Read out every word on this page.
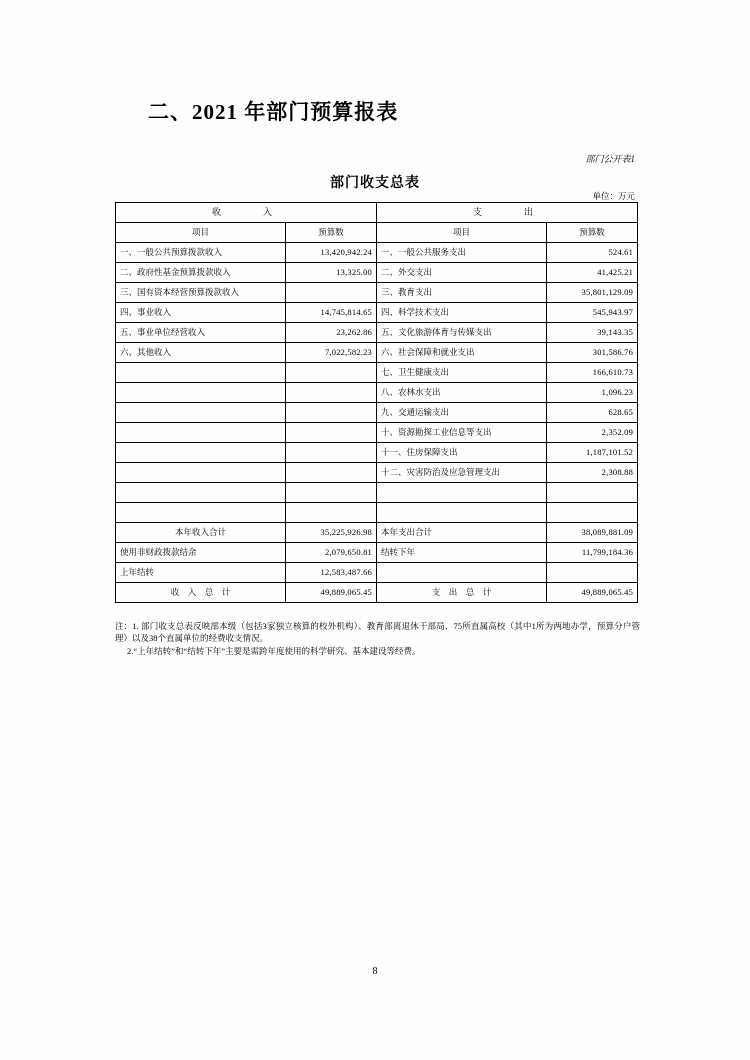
二、2021 年部门预算报表
部门公开表1
部门收支总表
单位：万元
收　　入		支　　出	
项目	预算数	项目	预算数
一、一般公共预算拨款收入	13,420,942.24	一、一般公共服务支出	524.61
二、政府性基金预算拨款收入	13,325.00	二、外交支出	41,425.21
三、国有资本经营预算拨款收入		三、教育支出	35,801,129.09
四、事业收入	14,745,814.65	四、科学技术支出	545,943.97
五、事业单位经营收入	23,262.86	五、文化旅游体育与传媒支出	39,143.35
六、其他收入	7,022,582.23	六、社会保障和就业支出	301,586.76
		七、卫生健康支出	166,610.73
		八、农林水支出	1,096.23
		九、交通运输支出	628.65
		十、资源勘探工业信息等支出	2,352.09
		十一、住房保障支出	1,187,101.52
		十二、灾害防治及应急管理支出	2,308.88

本年收入合计	35,225,926.98	本年支出合计	38,089,881.09
使用非财政拨款结余	2,079,650.81	结转下年	11,799,184.36
上年结转	12,583,487.66		
收　入　总　计	49,889,065.45	支　出　总　计	49,889,065.45

注：1. 部门收支总表反映部本级（包括3家独立核算的校外机构）、教育部离退休干部局、75所直属高校（其中1所为两地办学，预算分户管理）以及38个直属单位的经费收支情况。

2.“上年结转”和“结转下年”主要是需跨年度使用的科学研究、基本建设等经费。

8
